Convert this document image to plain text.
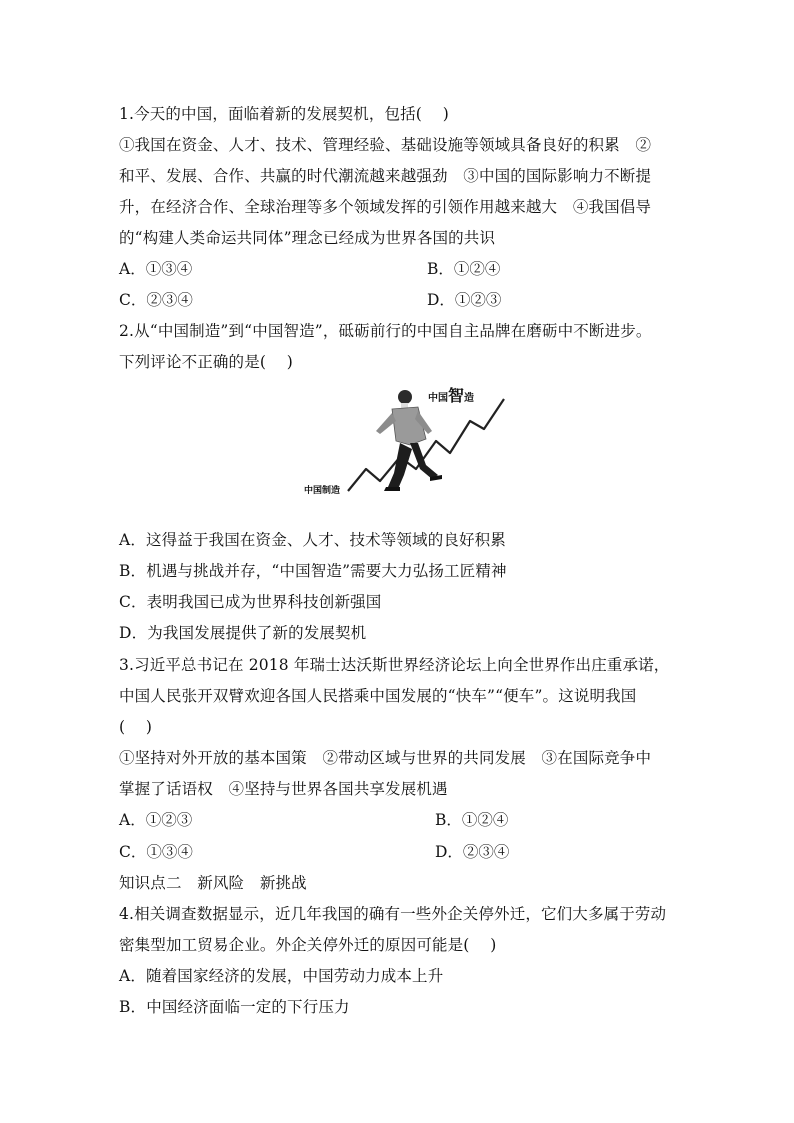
1.今天的中国，面临着新的发展契机，包括(　 )
①我国在资金、人才、技术、管理经验、基础设施等领域具备良好的积累　②
和平、发展、合作、共赢的时代潮流越来越强劲　③中国的国际影响力不断提
升，在经济合作、全球治理等多个领域发挥的引领作用越来越大　④我国倡导
的“构建人类命运共同体”理念已经成为世界各国的共识
A．①③④	B．①②④
C．②③④	D．①②③
2.从“中国制造”到“中国智造”，砥砺前行的中国自主品牌在磨砺中不断进步。
下列评论不正确的是(　 )
中国智造
中国制造
A．这得益于我国在资金、人才、技术等领域的良好积累
B．机遇与挑战并存，“中国智造”需要大力弘扬工匠精神
C．表明我国已成为世界科技创新强国
D．为我国发展提供了新的发展契机
3.习近平总书记在 2018 年瑞士达沃斯世界经济论坛上向全世界作出庄重承诺，
中国人民张开双臂欢迎各国人民搭乘中国发展的“快车”“便车”。这说明我国
(　 )
①坚持对外开放的基本国策　②带动区域与世界的共同发展　③在国际竞争中
掌握了话语权　④坚持与世界各国共享发展机遇
A．①②③	B．①②④
C．①③④	D．②③④
知识点二　新风险　新挑战
4.相关调查数据显示，近几年我国的确有一些外企关停外迁，它们大多属于劳动
密集型加工贸易企业。外企关停外迁的原因可能是(　 )
A．随着国家经济的发展，中国劳动力成本上升
B．中国经济面临一定的下行压力
